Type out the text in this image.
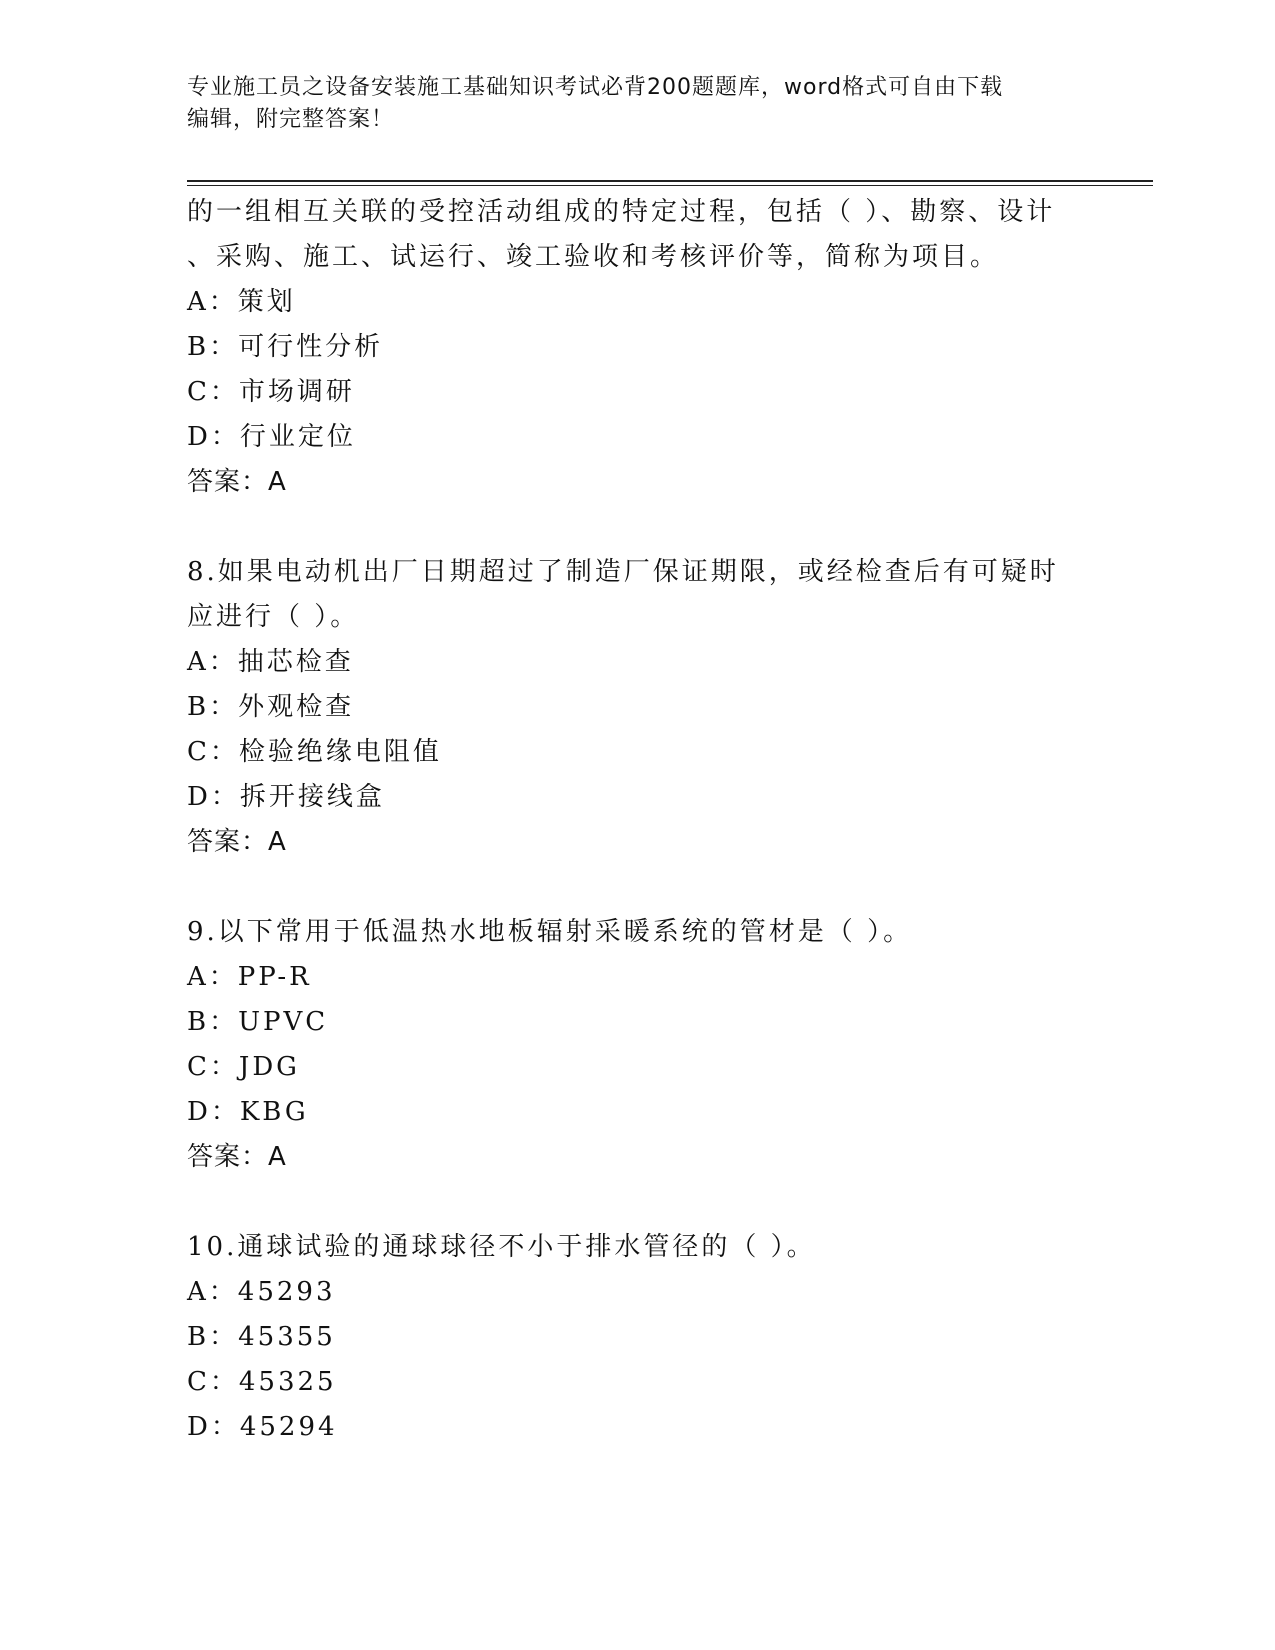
专业施工员之设备安装施工基础知识考试必背200题题库，word格式可自由下载
编辑，附完整答案！
的一组相互关联的受控活动组成的特定过程，包括（ ）、勘察、设计
、采购、施工、试运行、竣工验收和考核评价等，简称为项目。
A：策划
B：可行性分析
C：市场调研
D：行业定位
答案：A
8.如果电动机出厂日期超过了制造厂保证期限，或经检查后有可疑时
应进行（ ）。
A：抽芯检查
B：外观检查
C：检验绝缘电阻值
D：拆开接线盒
答案：A
9.以下常用于低温热水地板辐射采暖系统的管材是（ ）。
A：PP-R
B：UPVC
C：JDG
D：KBG
答案：A
10.通球试验的通球球径不小于排水管径的（ ）。
A：45293
B：45355
C：45325
D：45294
